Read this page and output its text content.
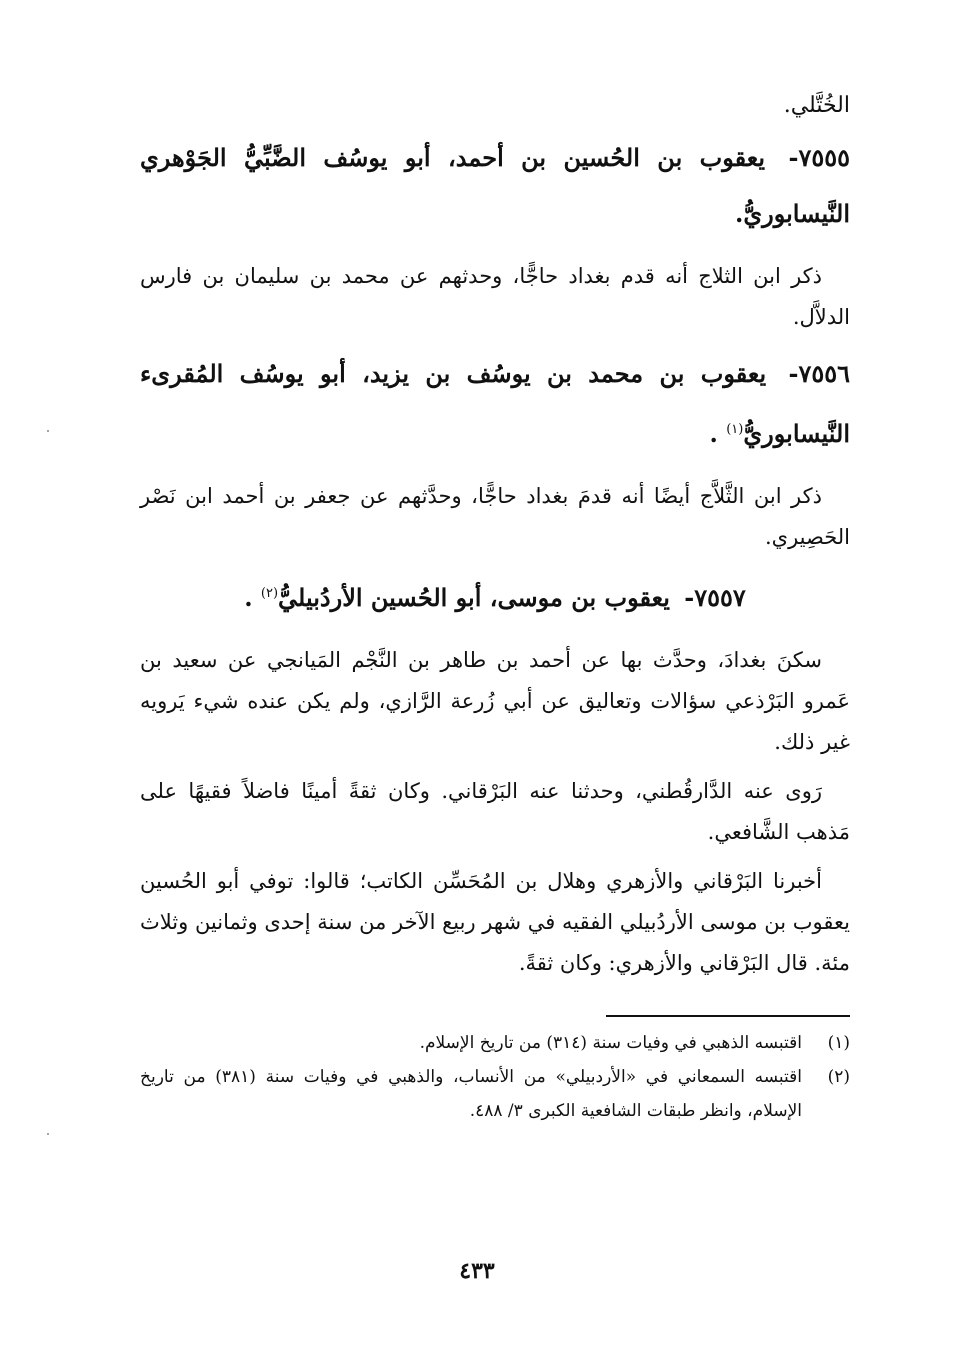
الخُتَّلي.

٧٥٥٥- يعقوب بن الحُسين بن أحمد، أبو يوسُف الضَّبِّيُّ الجَوْهري النَّيسابوريُّ.

ذكر ابن الثلاج أنه قدم بغداد حاجًّا، وحدثهم عن محمد بن سليمان بن فارس الدلاَّل.

٧٥٥٦- يعقوب بن محمد بن يوسُف بن يزيد، أبو يوسُف المُقرىء النَّيسابوريُّ$^{(١)}$ .

ذكر ابن الثَّلاَّج أيضًا أنه قدمَ بغداد حاجًّا، وحدَّثهم عن جعفر بن أحمد ابن نَصْر الحَصِيري.

٧٥٥٧- يعقوب بن موسى، أبو الحُسين الأردُبيليُّ$^{(٢)}$ .

سكنَ بغدادَ، وحدَّث بها عن أحمد بن طاهر بن النَّجْم المَيانجي عن سعيد بن عَمرو البَرْذعي سؤالات وتعاليق عن أبي زُرعة الرَّازي، ولم يكن عنده شيء يَرويه غير ذلك.

رَوى عنه الدَّارقُطني، وحدثنا عنه البَرْقاني. وكان ثقةً أمينًا فاضلاً فقيهًا على مَذهب الشَّافعي.

أخبرنا البَرْقاني والأزهري وهلال بن المُحَسِّن الكاتب؛ قالوا: توفي أبو الحُسين يعقوب بن موسى الأردُبيلي الفقيه في شهر ربيع الآخر من سنة إحدى وثمانين وثلاث مئة. قال البَرْقاني والأزهري: وكان ثقةً.

(١)
اقتبسه الذهبي في وفيات سنة (٣١٤) من تاريخ الإسلام.
(٢)
اقتبسه السمعاني في «الأردبيلي» من الأنساب، والذهبي في وفيات سنة (٣٨١) من تاريخ الإسلام، وانظر طبقات الشافعية الكبرى ٣/ ٤٨٨.
٤٣٣
